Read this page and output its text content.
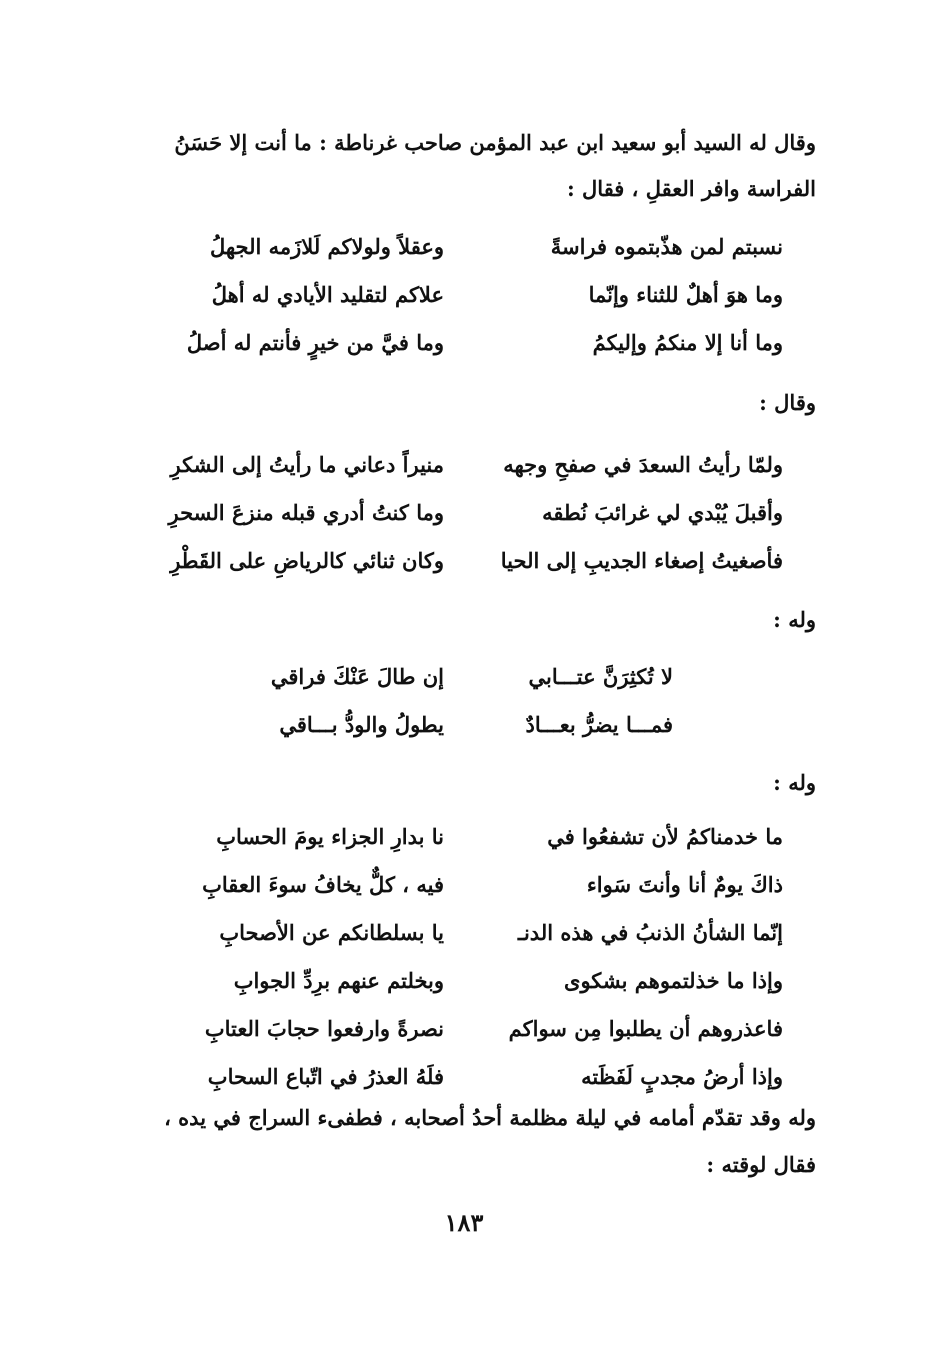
وقال له السيد أبو سعيد ابن عبد المؤمن صاحب غرناطة : ما أنت إلا حَسَنُ
الفراسة وافر العقلِ ، فقال :
نسبتم لمن هذّبتموه فراسةً
وعقلاً ولولاكم لَلازَمه الجهلُ
وما هوَ أهلٌ للثناء وإنّما
علاكم لتقليد الأيادي له أهلُ
وما أنا إلا منكمُ وإليكمُ
وما فيَّ من خيرٍ فأنتم له أصلُ
وقال :
ولمّا رأيتُ السعدَ في صفحِ وجهه
منيراً دعاني ما رأيتُ إلى الشكرِ
وأقبلَ يُبْدي لي غرائبَ نُطقه
وما كنتُ أدري قبله منزعَ السحرِ
فأصغيتُ إصغاء الجديبِ إلى الحيا
وكان ثنائي كالرياضِ على القَطْرِ
وله :
لا تُكثِرَنَّ عتـــابي
إن طالَ عَنْكَ فراقي
فمـــا يضرُّ بعـــادٌ
يطولُ والودُّ بـــاقي
وله :
ما خدمناكمُ لأن تشفعُوا في
نا بدارِ الجزاء يومَ الحسابِ
ذاكَ يومٌ أنا وأنتَ سَواء
فيه ، كلٌّ يخافُ سوءَ العقابِ
إنّما الشأنُ الذنبُ في هذه الدنـ
يا بسلطانكم عن الأصحابِ
وإذا ما خذلتموهم بشكوى
وبخلتم عنهم برِدِّ الجوابِ
فاعذروهم أن يطلبوا مِن سواكم
نصرةً وارفعوا حجابَ العتابِ
وإذا أرضُ مجدبٍ لَفَظَته
فلَهُ العذرُ في اتّباع السحابِ
وله وقد تقدّم أمامه في ليلة مظلمة أحدُ أصحابه ، فطفىء السراج في يده ،
فقال لوقته :
١٨٣
